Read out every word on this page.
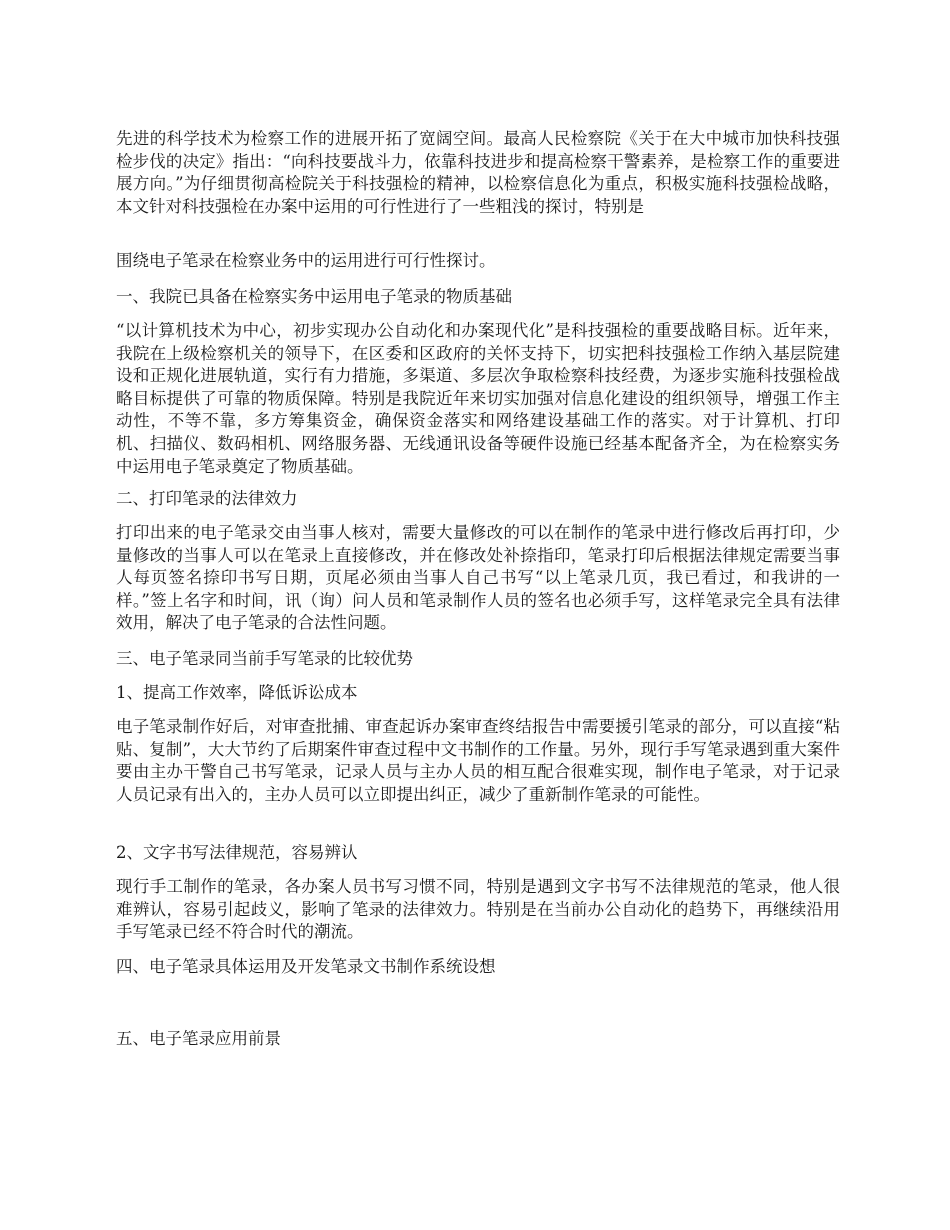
先进的科学技术为检察工作的进展开拓了宽阔空间。最高人民检察院《关于在大中城市加快科技强检步伐的决定》指出：“向科技要战斗力，依靠科技进步和提高检察干警素养，是检察工作的重要进展方向。”为仔细贯彻高检院关于科技强检的精神，以检察信息化为重点，积极实施科技强检战略，本文针对科技强检在办案中运用的可行性进行了一些粗浅的探讨，特别是

围绕电子笔录在检察业务中的运用进行可行性探讨。

一、我院已具备在检察实务中运用电子笔录的物质基础

“以计算机技术为中心，初步实现办公自动化和办案现代化”是科技强检的重要战略目标。近年来，我院在上级检察机关的领导下，在区委和区政府的关怀支持下，切实把科技强检工作纳入基层院建设和正规化进展轨道，实行有力措施，多渠道、多层次争取检察科技经费，为逐步实施科技强检战略目标提供了可靠的物质保障。特别是我院近年来切实加强对信息化建设的组织领导，增强工作主动性，不等不靠，多方筹集资金，确保资金落实和网络建设基础工作的落实。对于计算机、打印机、扫描仪、数码相机、网络服务器、无线通讯设备等硬件设施已经基本配备齐全，为在检察实务中运用电子笔录奠定了物质基础。

二、打印笔录的法律效力

打印出来的电子笔录交由当事人核对，需要大量修改的可以在制作的笔录中进行修改后再打印，少量修改的当事人可以在笔录上直接修改，并在修改处补捺指印，笔录打印后根据法律规定需要当事人每页签名捺印书写日期，页尾必须由当事人自己书写“以上笔录几页，我已看过，和我讲的一样。”签上名字和时间，讯（询）问人员和笔录制作人员的签名也必须手写，这样笔录完全具有法律效用，解决了电子笔录的合法性问题。

三、电子笔录同当前手写笔录的比较优势

1、提高工作效率，降低诉讼成本

电子笔录制作好后，对审查批捕、审查起诉办案审查终结报告中需要援引笔录的部分，可以直接“粘贴、复制”，大大节约了后期案件审查过程中文书制作的工作量。另外，现行手写笔录遇到重大案件要由主办干警自己书写笔录，记录人员与主办人员的相互配合很难实现，制作电子笔录，对于记录人员记录有出入的，主办人员可以立即提出纠正，减少了重新制作笔录的可能性。

2、文字书写法律规范，容易辨认

现行手工制作的笔录，各办案人员书写习惯不同，特别是遇到文字书写不法律规范的笔录，他人很难辨认，容易引起歧义，影响了笔录的法律效力。特别是在当前办公自动化的趋势下，再继续沿用手写笔录已经不符合时代的潮流。

四、电子笔录具体运用及开发笔录文书制作系统设想

五、电子笔录应用前景
